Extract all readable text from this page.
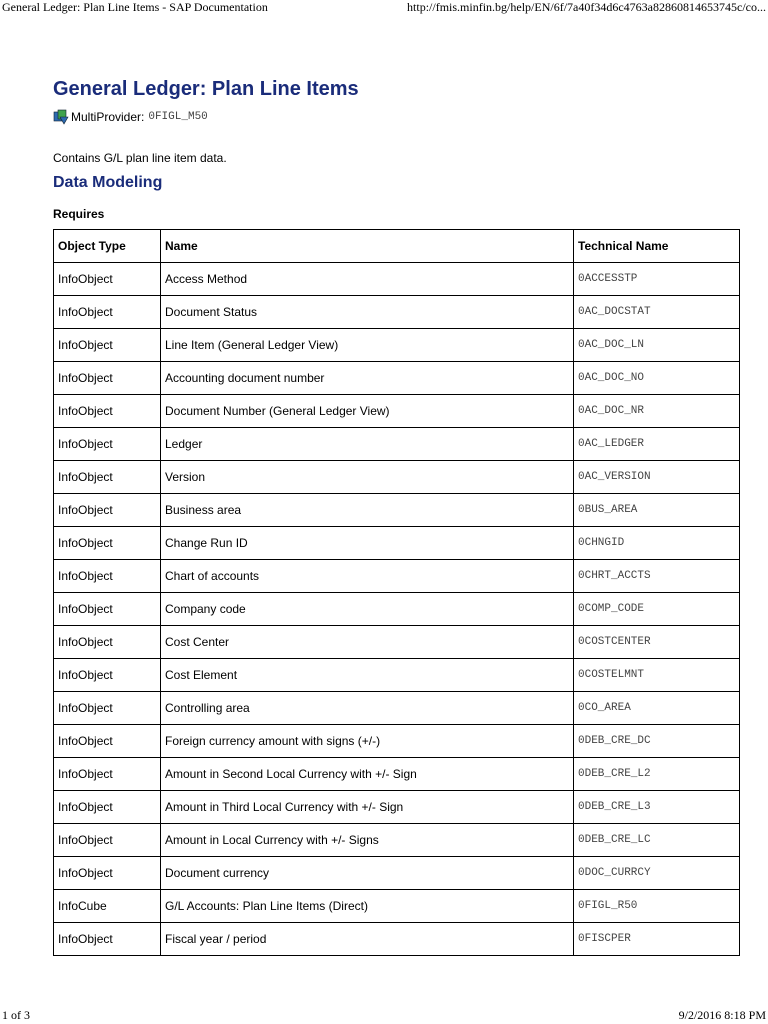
General Ledger: Plan Line Items - SAP Documentation	http://fmis.minfin.bg/help/EN/6f/7a40f34d6c4763a82860814653745c/co...
General Ledger: Plan Line Items
MultiProvider: 0FIGL_M50
Contains G/L plan line item data.
Data Modeling
Requires
Object Type	Name	Technical Name
InfoObject	Access Method	0ACCESSTP
InfoObject	Document Status	0AC_DOCSTAT
InfoObject	Line Item (General Ledger View)	0AC_DOC_LN
InfoObject	Accounting document number	0AC_DOC_NO
InfoObject	Document Number (General Ledger View)	0AC_DOC_NR
InfoObject	Ledger	0AC_LEDGER
InfoObject	Version	0AC_VERSION
InfoObject	Business area	0BUS_AREA
InfoObject	Change Run ID	0CHNGID
InfoObject	Chart of accounts	0CHRT_ACCTS
InfoObject	Company code	0COMP_CODE
InfoObject	Cost Center	0COSTCENTER
InfoObject	Cost Element	0COSTELMNT
InfoObject	Controlling area	0CO_AREA
InfoObject	Foreign currency amount with signs (+/-)	0DEB_CRE_DC
InfoObject	Amount in Second Local Currency with +/- Sign	0DEB_CRE_L2
InfoObject	Amount in Third Local Currency with +/- Sign	0DEB_CRE_L3
InfoObject	Amount in Local Currency with +/- Signs	0DEB_CRE_LC
InfoObject	Document currency	0DOC_CURRCY
InfoCube	G/L Accounts: Plan Line Items (Direct)	0FIGL_R50
InfoObject	Fiscal year / period	0FISCPER
1 of 3	9/2/2016 8:18 PM
